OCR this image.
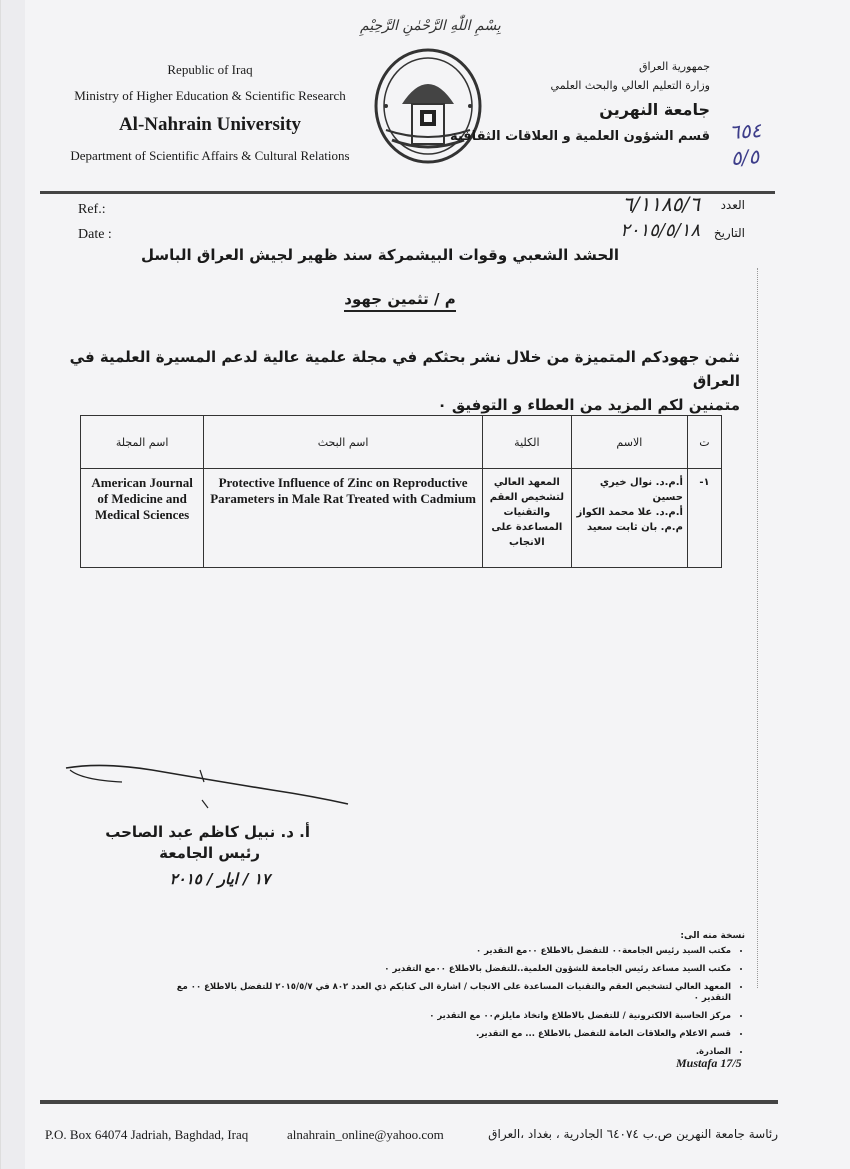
بِسْمِ اللّٰهِ الرَّحْمٰنِ الرَّحِيْمِ
Republic of Iraq
Ministry of Higher Education & Scientific Research
Al-Nahrain University
Department of Scientific Affairs & Cultural Relations
جمهورية العراق
وزارة التعليم العالي والبحث العلمي
جامعة النهرين
قسم الشؤون العلمية و العلاقات الثقافية ٦٥٤
٥/٥
Ref.:
Date :
العدد
التاريخ
٦/١١٨٥/٦
٢٠١٥/٥/١٨
الحشد الشعبي وقوات البيشمركة سند ظهير لجيش العراق الباسل
م / تثمين جهود
نثمن جهودكم المتميزة من خلال نشر بحثكم في مجلة علمية عالية لدعم المسيرة العلمية في العراق
متمنين لكم المزيد من العطاء و التوفيق ٠
ت	الاسم	الكلية	اسم البحث	اسم المجلة
١-	أ.م.د. نوال خيري حسين
أ.م.د. علا محمد الكواز
م.م. بان ثابت سعيد	المعهد العالي لتشخيص العقم والتقنيات المساعدة على الانجاب	Protective Influence of Zinc on Reproductive Parameters in Male Rat Treated with Cadmium	American Journal of Medicine and Medical Sciences
أ. د. نبيل كاظم عبد الصاحب
رئيس الجامعة
١٧ / ايار / ٢٠١٥
نسخة منه الى:
• مكتب السيد رئيس الجامعة٠٠ للتفضل بالاطلاع ٠٠مع التقدير ٠
• مكتب السيد مساعد رئيس الجامعة للشؤون العلمية..للتفضل بالاطلاع ٠٠مع التقدير ٠
• المعهد العالي لتشخيص العقم والتقنيات المساعدة على الانجاب / اشارة الى كتابكم ذي العدد ٨٠٢ في ٢٠١٥/٥/٧ للتفضل بالاطلاع ٠٠ مع التقدير ٠
• مركز الحاسبة الالكترونية / للتفضل بالاطلاع واتخاذ مايلزم٠٠ مع التقدير ٠
• قسم الاعلام والعلاقات العامة للتفضل بالاطلاع ... مع التقدير.
• الصادرة.
Mustafa 17/5
P.O. Box 64074 Jadriah, Baghdad, Iraq	alnahrain_online@yahoo.com	رئاسة جامعة النهرين ص.ب ٦٤٠٧٤ الجادرية ، بغداد ،العراق
